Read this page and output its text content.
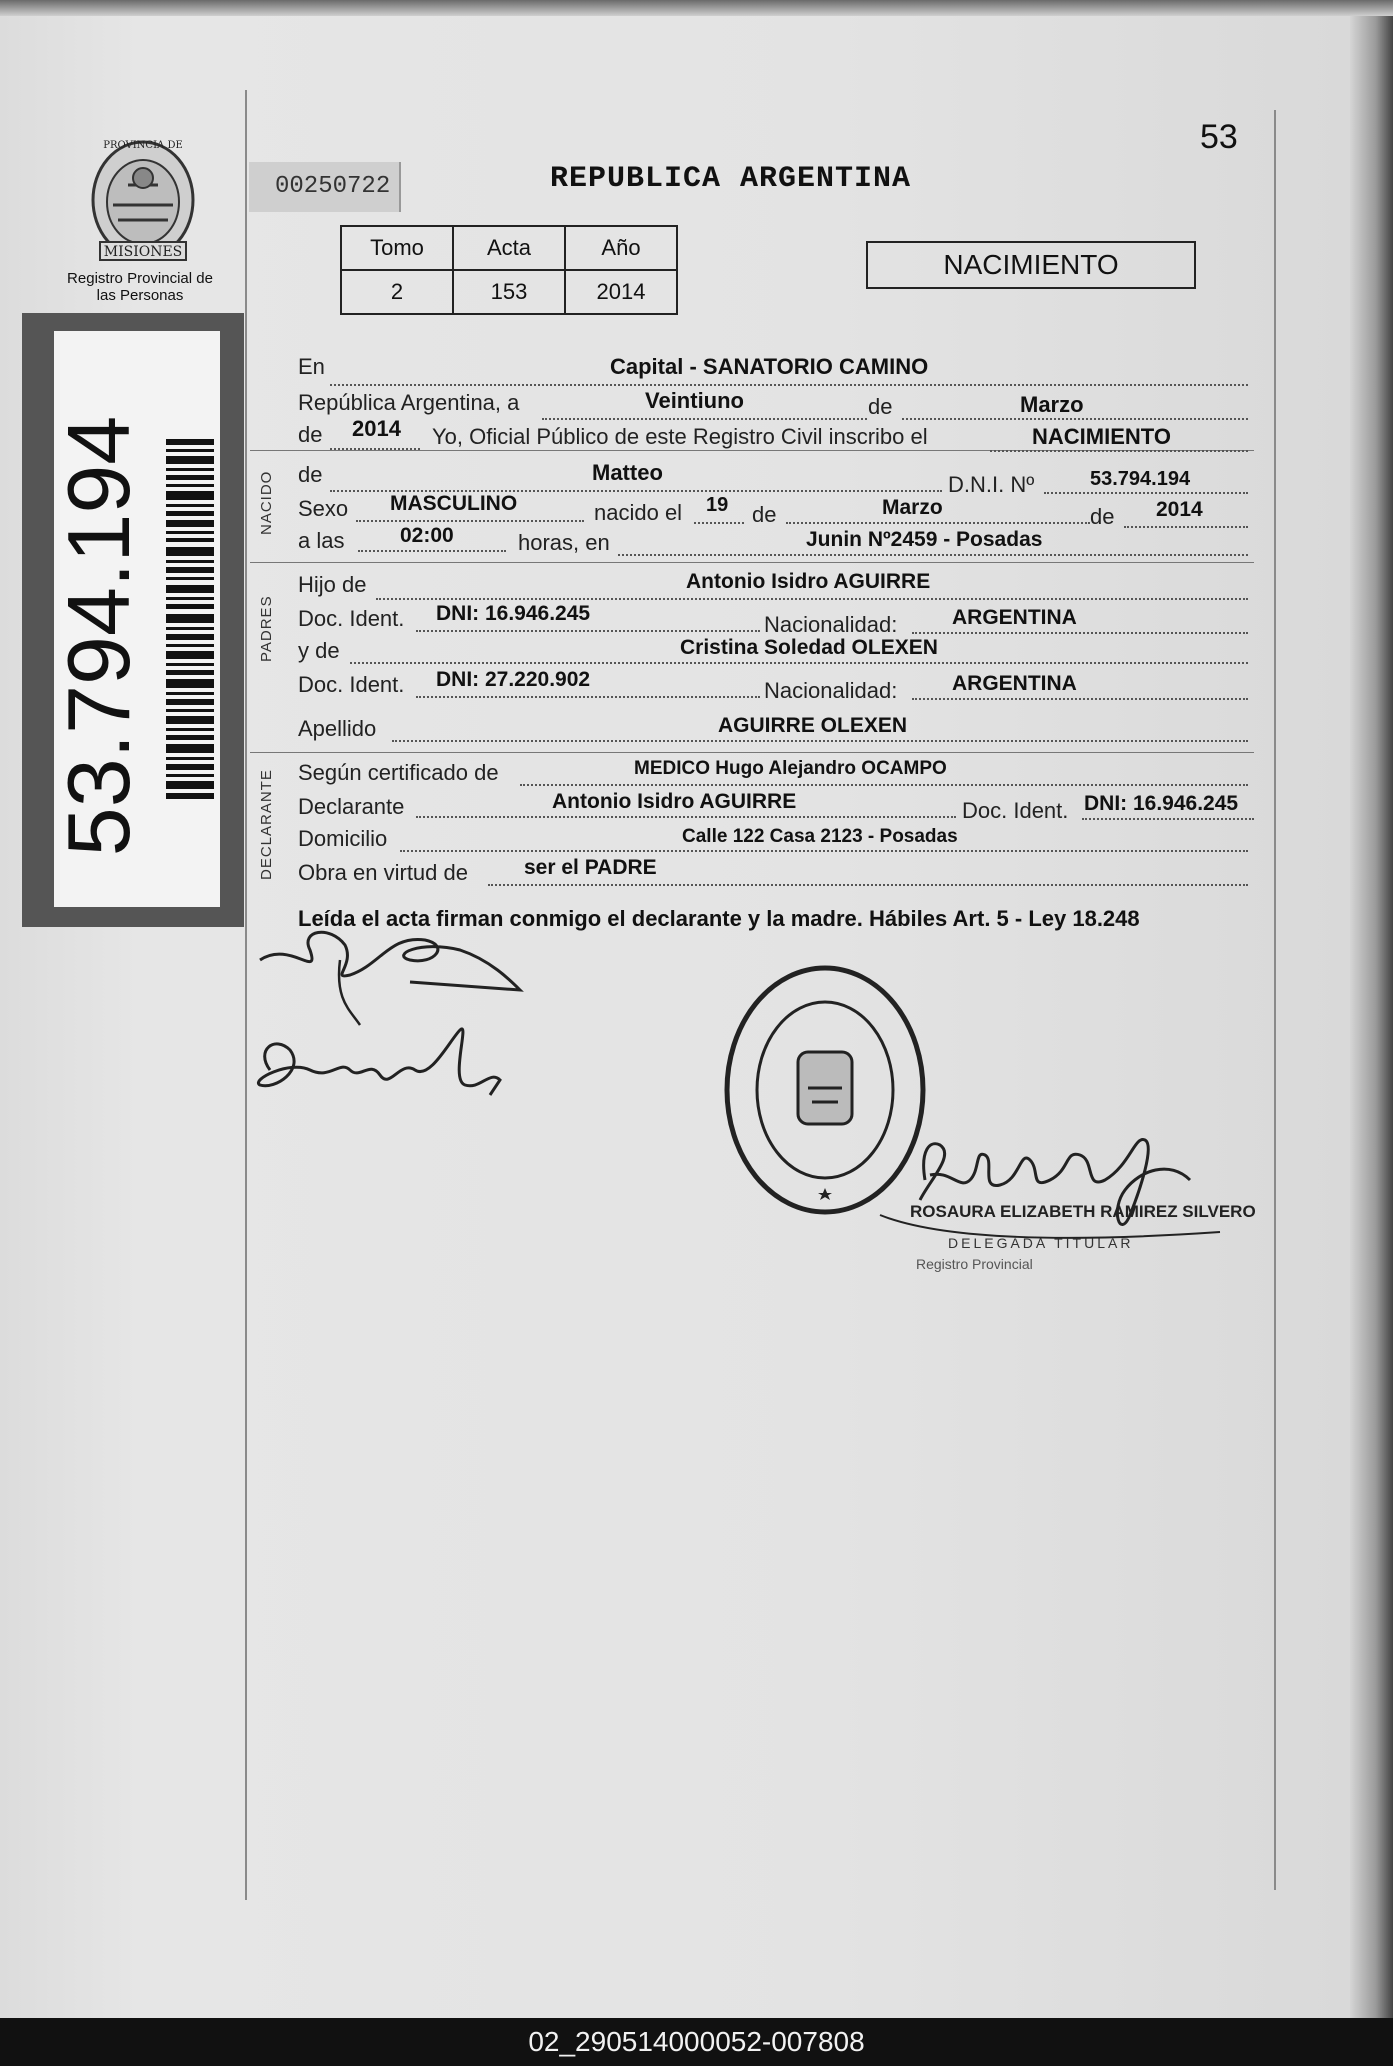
PROVINCIA DE
MISIONES
Registro Provincial de las Personas
53.794.194
00250722	REPUBLICA ARGENTINA
53
Tomo	Acta	Año
2	153	2014
NACIMIENTO
NACIDO
PADRES
DECLARANTE
En	Capital - SANATORIO CAMINO
República Argentina, a	Veintiuno	de	Marzo
de 2014 Yo, Oficial Público de este Registro Civil inscribo el	NACIMIENTO
de	Matteo	D.N.I. Nº	53.794.194
Sexo MASCULINO	nacido el 19 de	Marzo	de 2014
a las	02:00	horas, en	Junin Nº2459 - Posadas
Hijo de	Antonio Isidro AGUIRRE
Doc. Ident. DNI: 16.946.245	Nacionalidad:	ARGENTINA
y de	Cristina Soledad OLEXEN
Doc. Ident. DNI: 27.220.902	Nacionalidad:	ARGENTINA
Apellido	AGUIRRE OLEXEN
Según certificado de	MEDICO Hugo Alejandro OCAMPO
Declarante	Antonio Isidro AGUIRRE	Doc. Ident. DNI: 16.946.245
Domicilio	Calle 122 Casa 2123 - Posadas
Obra en virtud de	ser el PADRE
Leída el acta firman conmigo el declarante y la madre. Hábiles Art. 5 - Ley 18.248
ROSAURA ELIZABETH RAMIREZ SILVERO
DELEGADA TITULAR
Registro Provincial
02_290514000052-007808
